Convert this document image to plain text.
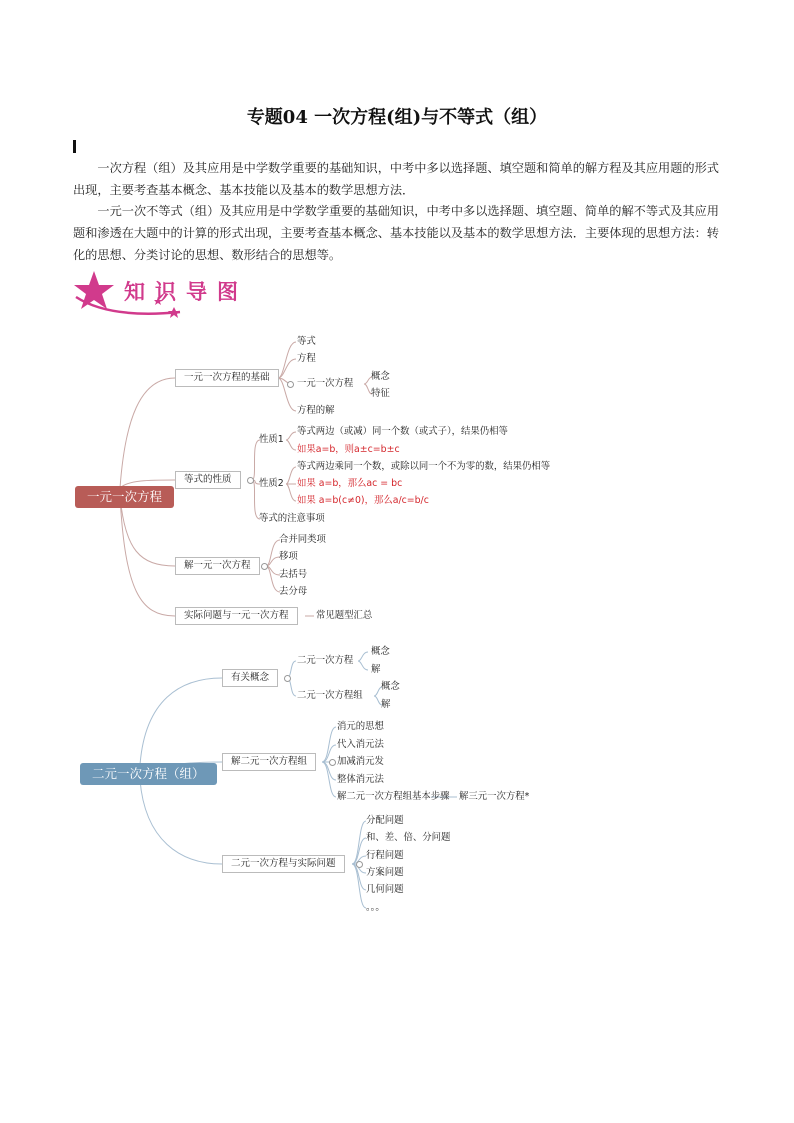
专题04 一次方程(组)与不等式（组）
一次方程（组）及其应用是中学数学重要的基础知识，中考中多以选择题、填空题和简单的解方程及其应用题的形式出现，主要考查基本概念、基本技能以及基本的数学思想方法．
一元一次不等式（组）及其应用是中学数学重要的基础知识，中考中多以选择题、填空题、简单的解不等式及其应用题和渗透在大题中的计算的形式出现，主要考查基本概念、基本技能以及基本的数学思想方法．主要体现的思想方法：转化的思想、分类讨论的思想、数形结合的思想等。
知识导图
一元一次方程
一元一次方程的基础
等式
方程
一元一次方程
方程的解
概念
特征
等式的性质
性质1
等式两边（或减）同一个数（或式子），结果仍相等
如果a=b，则a±c=b±c
性质2
等式两边乘同一个数，或除以同一个不为零的数，结果仍相等
如果 a=b，那么ac = bc
如果 a=b(c≠0)，那么a/c=b/c
等式的注意事项
解一元一次方程
合并同类项
移项
去括号
去分母
实际问题与一元一次方程	常见题型汇总
二元一次方程（组）
有关概念
二元一次方程
概念
解
二元一次方程组
概念
解
解二元一次方程组
消元的思想
代入消元法
加减消元发
整体消元法
解二元一次方程组基本步骤 解三元一次方程*
二元一次方程与实际问题
分配问题
和、差、倍、分问题
行程问题
方案问题
几何问题
。。。
